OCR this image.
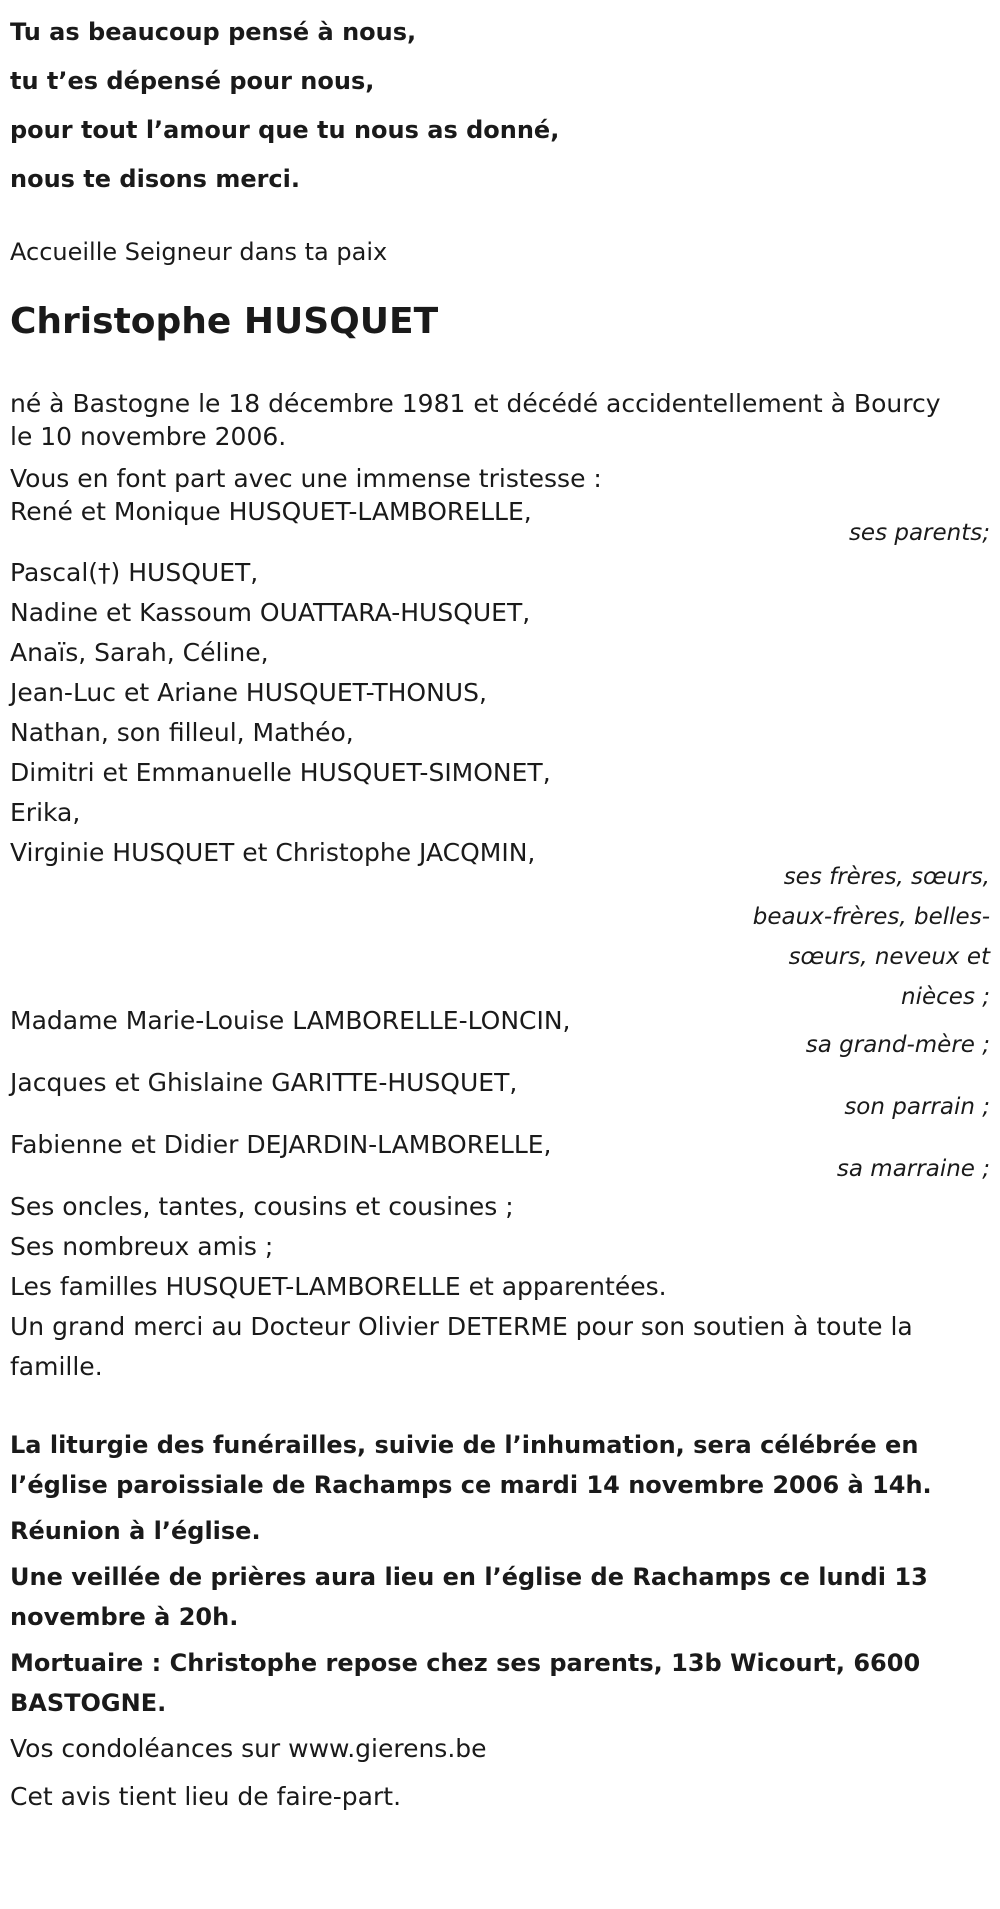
Tu as beaucoup pensé à nous,

tu t’es dépensé pour nous,

pour tout l’amour que tu nous as donné,

nous te disons merci.

Accueille Seigneur dans ta paix
Christophe HUSQUET
né à Bastogne le 18 décembre 1981 et décédé accidentellement à Bourcy
le 10 novembre 2006.
Vous en font part avec une immense tristesse :
René et Monique HUSQUET-LAMBORELLE,
ses parents;
Pascal(†) HUSQUET,
Nadine et Kassoum OUATTARA-HUSQUET,
Anaïs, Sarah, Céline,
Jean-Luc et Ariane HUSQUET-THONUS,
Nathan, son filleul, Mathéo,
Dimitri et Emmanuelle HUSQUET-SIMONET,
Erika,
Virginie HUSQUET et Christophe JACQMIN,
ses frères, sœurs,
beaux-frères, belles-
sœurs, neveux et
nièces ;
Madame Marie-Louise LAMBORELLE-LONCIN,
sa grand-mère ;
Jacques et Ghislaine GARITTE-HUSQUET,
son parrain ;
Fabienne et Didier DEJARDIN-LAMBORELLE,
sa marraine ;
Ses oncles, tantes, cousins et cousines ;
Ses nombreux amis ;
Les familles HUSQUET-LAMBORELLE et apparentées.
Un grand merci au Docteur Olivier DETERME pour son soutien à toute la
famille.
La liturgie des funérailles, suivie de l’inhumation, sera célébrée en
l’église paroissiale de Rachamps ce mardi 14 novembre 2006 à 14h.
Réunion à l’église.
Une veillée de prières aura lieu en l’église de Rachamps ce lundi 13
novembre à 20h.
Mortuaire : Christophe repose chez ses parents, 13b Wicourt, 6600
BASTOGNE.
Vos condoléances sur www.gierens.be
Cet avis tient lieu de faire-part.
